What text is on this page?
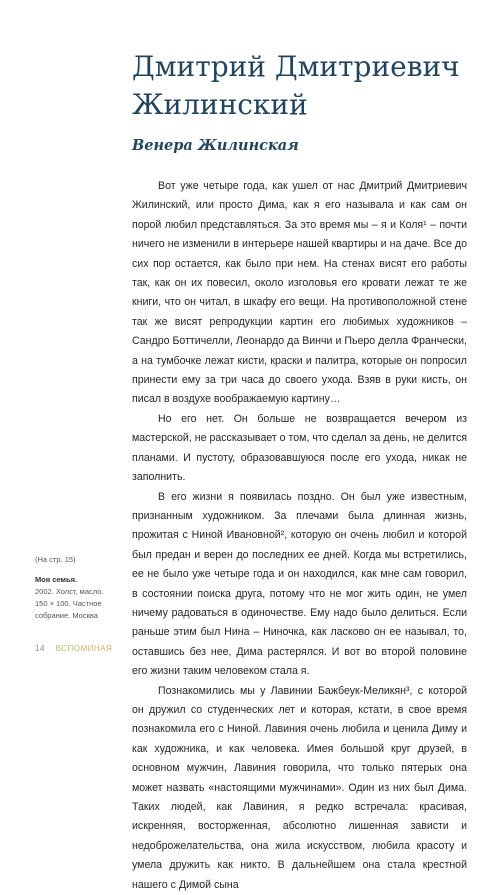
Дмитрий Дмитриевич
Жилинский
Венера Жилинская

Вот уже четыре года, как ушел от нас Дмитрий Дмитриевич Жилинский, или просто Дима, как я его называла и как сам он порой любил представляться. За это время мы – я и Коля¹ – почти ничего не изменили в интерьере нашей квартиры и на даче. Все до сих пор остается, как было при нем. На стенах висят его работы так, как он их повесил, около изголовья его кровати лежат те же книги, что он читал, в шкафу его вещи. На противоположной стене так же висят репродукции картин его любимых художников – Сандро Боттичелли, Леонардо да Винчи и Пьеро делла Франчески, а на тумбочке лежат кисти, краски и палитра, которые он попросил принести ему за три часа до своего ухода. Взяв в руки кисть, он писал в воздухе воображаемую картину…

Но его нет. Он больше не возвращается вечером из мастерской, не рассказывает о том, что сделал за день, не делится планами. И пустоту, образовавшуюся после его ухода, никак не заполнить.

В его жизни я появилась поздно. Он был уже известным, признанным художником. За плечами была длинная жизнь, прожитая с Ниной Ивановной², которую он очень любил и которой был предан и верен до последних ее дней. Когда мы встретились, ее не было уже четыре года и он находился, как мне сам говорил, в состоянии поиска друга, потому что не мог жить один, не умел ничему радоваться в одиночестве. Ему надо было делиться. Если раньше этим был Нина – Ниночка, как ласково он ее называл, то, оставшись без нее, Дима растерялся. И вот во второй половине его жизни таким человеком стала я.

Познакомились мы у Лавинии Бажбеук-Меликян³, с которой он дружил со студенческих лет и которая, кстати, в свое время познакомила его с Ниной. Лавиния очень любила и ценила Диму и как художника, и как человека. Имея большой круг друзей, в основном мужчин, Лавиния говорила, что только пятерых она может назвать «настоящими мужчинами». Один из них был Дима. Таких людей, как Лавиния, я редко встречала: красивая, искренняя, восторженная, абсолютно лишенная зависти и недоброжелательства, она жила искусством, любила красоту и умела дружить как никто. В дальнейшем она стала крестной нашего с Димой сына

(На стр. 15)
Моя семья.
2002. Холст, масло.
150 × 100. Частное
собрание. Москва
14 ВСПОМИНАЯ
